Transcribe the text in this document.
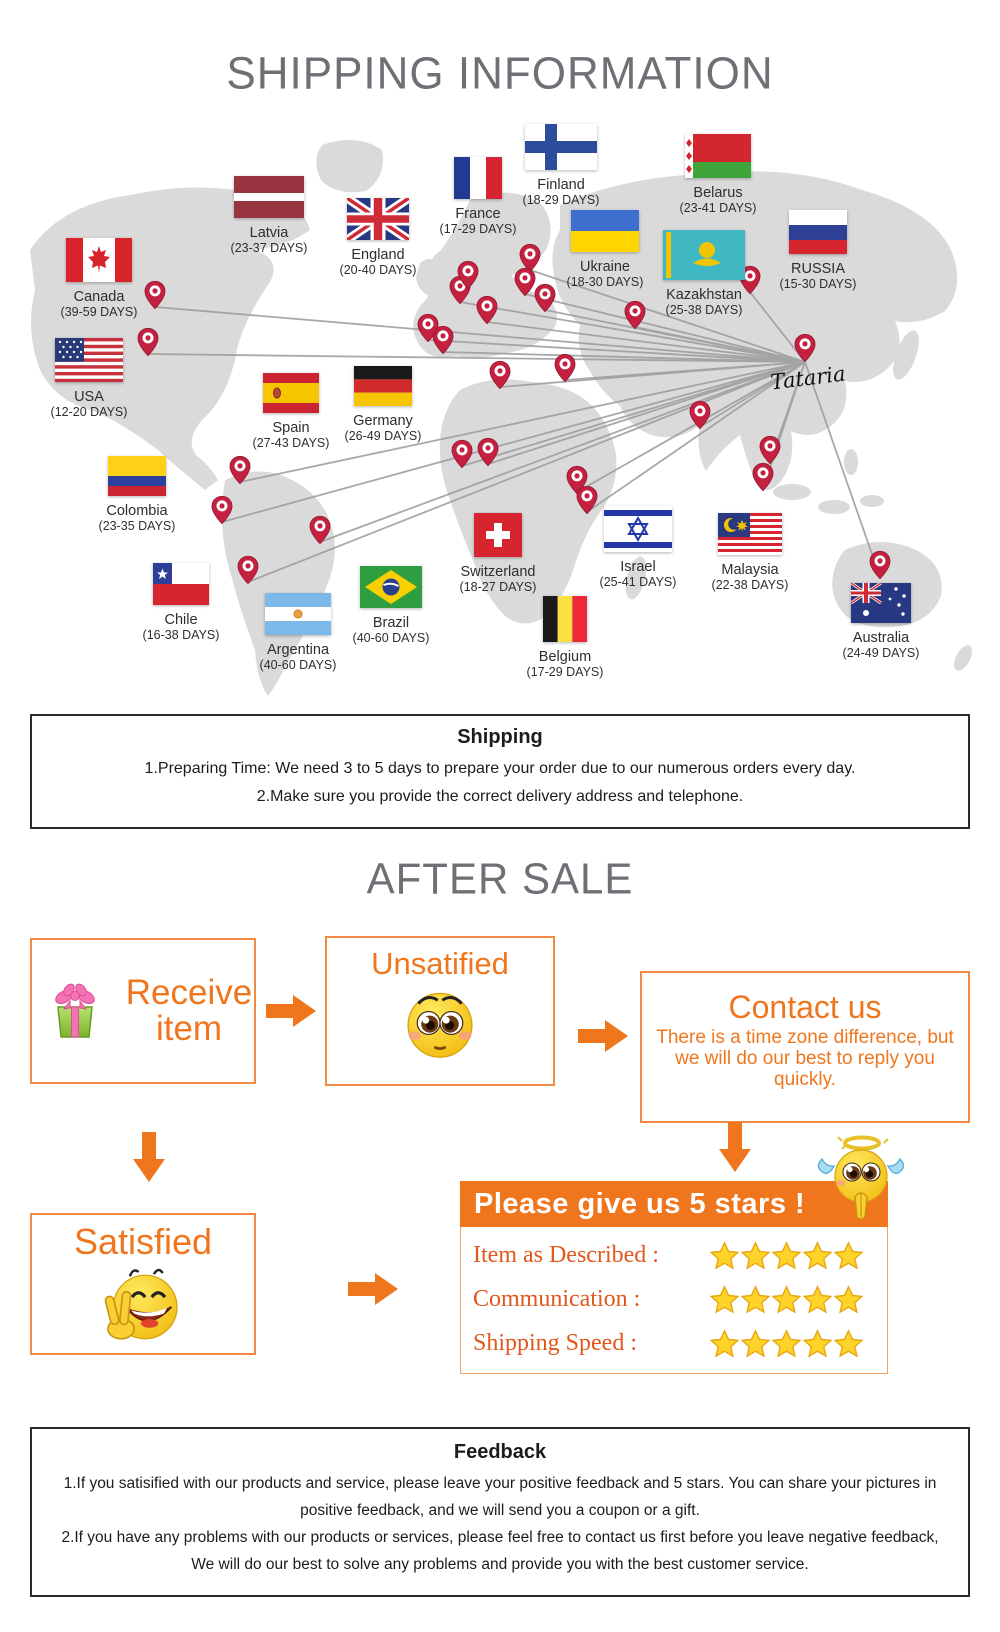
SHIPPING INFORMATION
Tataria
Canada
(39-59 DAYS)
USA
(12-20 DAYS)
Latvia
(23-37 DAYS)	England
(20-40 DAYS)
France
(17-29 DAYS)
Finland
(18-29 DAYS)	Belarus
(23-41 DAYS)
Ukraine
(18-30 DAYS)
Kazakhstan
(25-38 DAYS)
RUSSIA
(15-30 DAYS)
Spain
(27-43 DAYS)
Germany
(26-49 DAYS)
Colombia
(23-35 DAYS)
Chile
(16-38 DAYS)
Argentina
(40-60 DAYS)
Brazil
(40-60 DAYS)
Switzerland
(18-27 DAYS)
Israel
(25-41 DAYS)
Malaysia
(22-38 DAYS)
Belgium
(17-29 DAYS)
Australia
(24-49 DAYS)
Shipping
1.Preparing Time: We need 3 to 5 days to prepare your order due to our numerous orders every day.
2.Make sure you provide the correct delivery address and telephone.
AFTER SALE
Receive item
Unsatified
Contact us
There is a time zone difference, but we will do our best to reply you quickly.
Satisfied
Please give us 5 stars !
Item as Described :
Communication :
Shipping Speed :
Feedback
1.If you satisified with our products and service, please leave your positive feedback and 5 stars. You can share your pictures in positive feedback, and we will send you a coupon or a gift.
2.If you have any problems with our products or services, please feel free to contact us first before you leave negative feedback, We will do our best to solve any problems and provide you with the best customer service.
